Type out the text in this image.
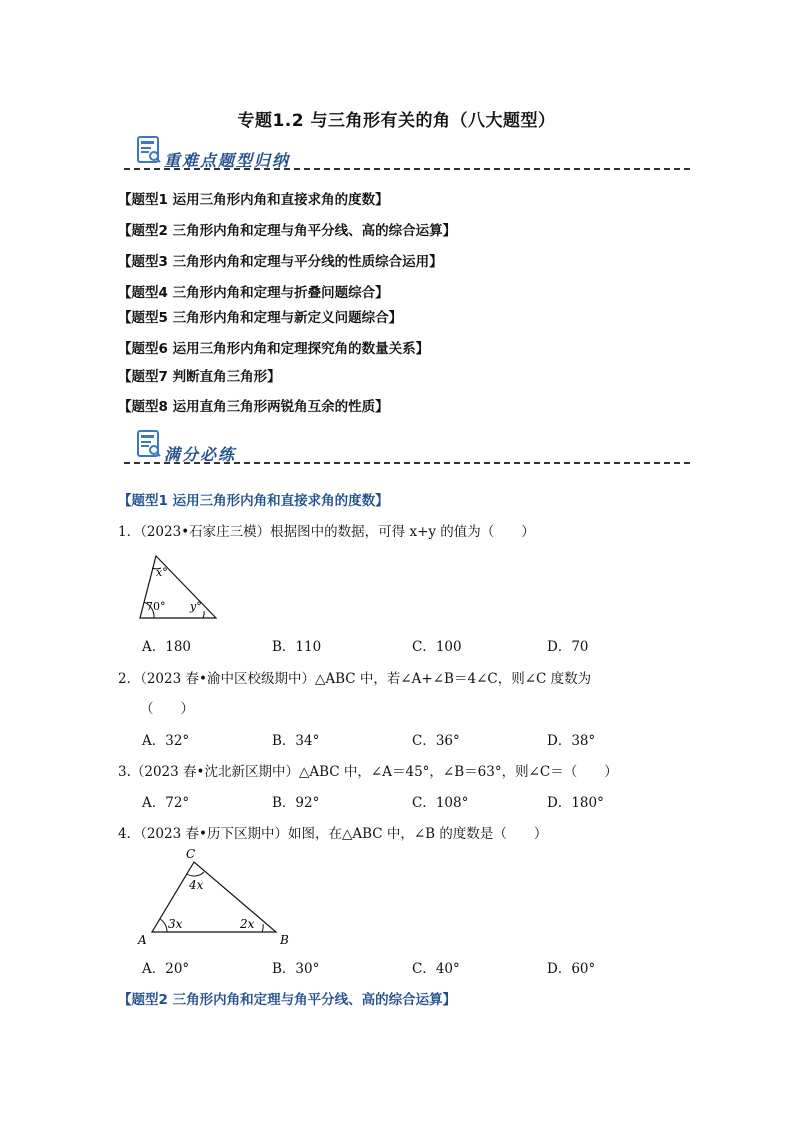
专题1.2 与三角形有关的角（八大题型）
重难点题型归纳
【题型1 运用三角形内角和直接求角的度数】
【题型2 三角形内角和定理与角平分线、高的综合运算】
【题型3 三角形内角和定理与平分线的性质综合运用】
【题型4 三角形内角和定理与折叠问题综合】
【题型5 三角形内角和定理与新定义问题综合】
【题型6 运用三角形内角和定理探究角的数量关系】
【题型7 判断直角三角形】
【题型8 运用直角三角形两锐角互余的性质】
满分必练
【题型1 运用三角形内角和直接求角的度数】
1．（2023•石家庄三模）根据图中的数据，可得 x+y 的值为（　　）
x°
70° y°
A．180	B．110	C．100	D．70
2．（2023 春•渝中区校级期中）△ABC 中，若∠A+∠B＝4∠C，则∠C 度数为
（　　）
A．32°	B．34°	C．36°	D．38°
3.（2023 春•沈北新区期中）△ABC 中，∠A＝45°，∠B＝63°，则∠C＝（　　）
A．72°	B．92°	C．108°	D．180°
4．（2023 春•历下区期中）如图，在△ABC 中，∠B 的度数是（　　）
C
A	B
4x
3x	2x
A．20°	B．30°	C．40°	D．60°
【题型2 三角形内角和定理与角平分线、高的综合运算】
